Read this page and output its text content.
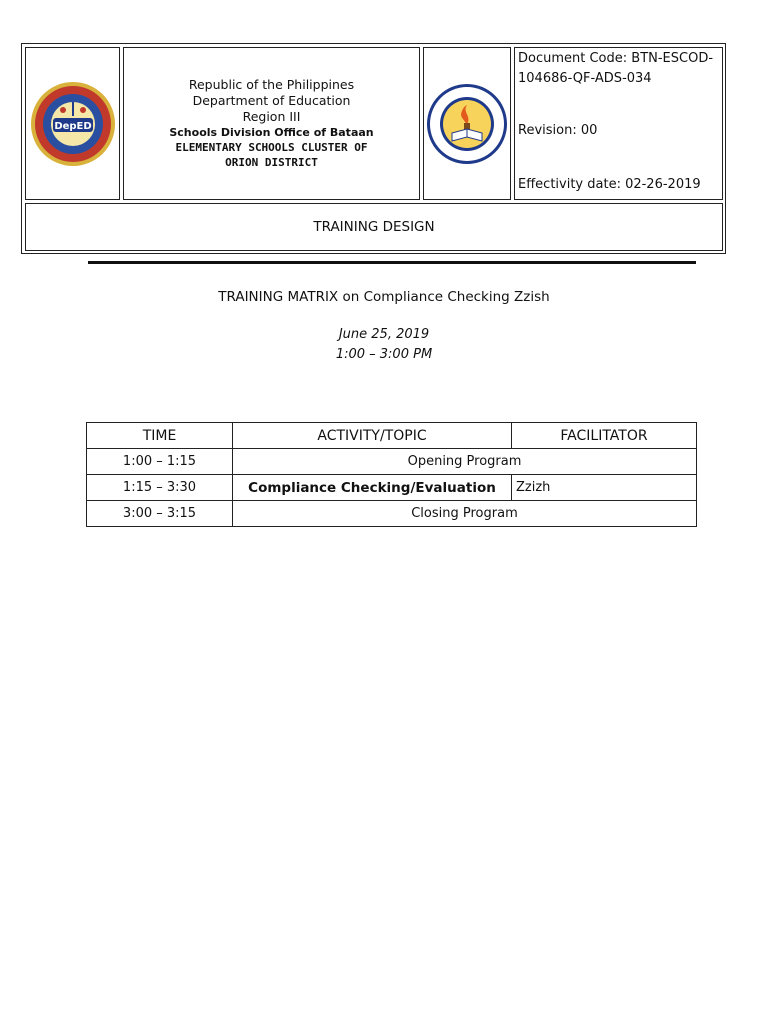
DepED
Republic of the Philippines
Department of Education
Region III
Schools Division Office of Bataan
ELEMENTARY SCHOOLS CLUSTER OF
ORION DISTRICT
Document Code: BTN-ESCOD-
104686-QF-ADS-034
Revision: 00
Effectivity date: 02-26-2019
TRAINING DESIGN
TRAINING MATRIX on Compliance Checking Zzish
June 25, 2019
1:00 – 3:00 PM
TIME	ACTIVITY/TOPIC	FACILITATOR
1:00 – 1:15	Opening Program	
1:15 – 3:30	Compliance Checking/Evaluation	Zzizh
3:00 – 3:15	Closing Program	
